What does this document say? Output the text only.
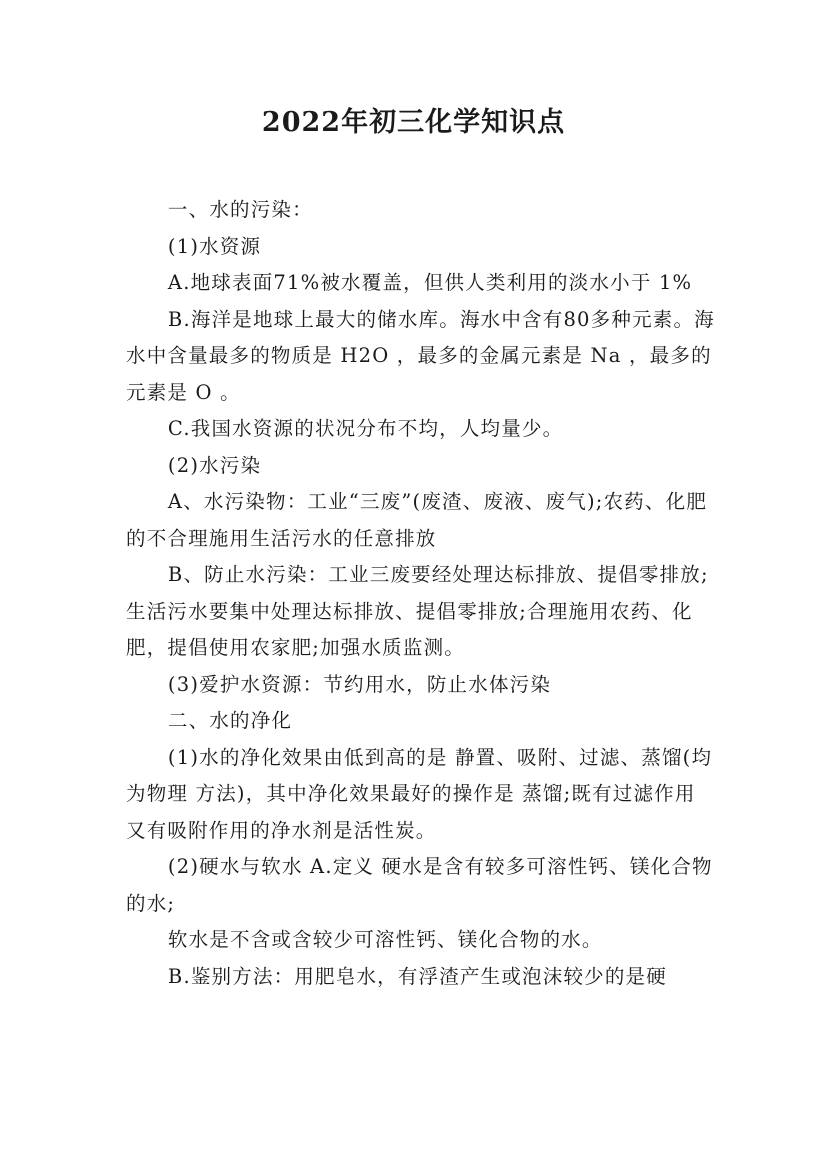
2022年初三化学知识点

一、水的污染：

(1)水资源

A.地球表面71%被水覆盖，但供人类利用的淡水小于 1%

B.海洋是地球上最大的储水库。海水中含有80多种元素。海水中含量最多的物质是 H2O ，最多的金属元素是 Na ，最多的元素是 O 。

C.我国水资源的状况分布不均，人均量少。

(2)水污染

A、水污染物：工业“三废”(废渣、废液、废气);农药、化肥的不合理施用生活污水的任意排放

B、防止水污染：工业三废要经处理达标排放、提倡零排放;生活污水要集中处理达标排放、提倡零排放;合理施用农药、化肥，提倡使用农家肥;加强水质监测。

(3)爱护水资源：节约用水，防止水体污染

二、水的净化

(1)水的净化效果由低到高的是 静置、吸附、过滤、蒸馏(均为物理 方法)，其中净化效果最好的操作是 蒸馏;既有过滤作用又有吸附作用的净水剂是活性炭。

(2)硬水与软水 A.定义 硬水是含有较多可溶性钙、镁化合物的水;

软水是不含或含较少可溶性钙、镁化合物的水。

B.鉴别方法：用肥皂水，有浮渣产生或泡沫较少的是硬
